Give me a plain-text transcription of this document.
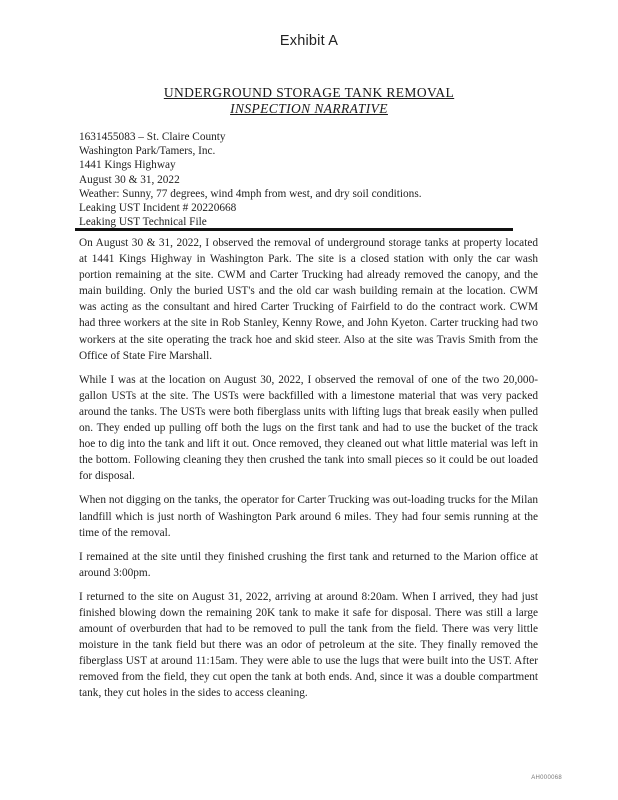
Exhibit A
UNDERGROUND STORAGE TANK REMOVAL
INSPECTION NARRATIVE
1631455083 – St. Claire County
Washington Park/Tamers, Inc.
1441 Kings Highway
August 30 & 31, 2022
Weather: Sunny, 77 degrees, wind 4mph from west, and dry soil conditions.
Leaking UST Incident # 20220668
Leaking UST Technical File

On August 30 & 31, 2022, I observed the removal of underground storage tanks at property located at 1441 Kings Highway in Washington Park. The site is a closed station with only the car wash portion remaining at the site. CWM and Carter Trucking had already removed the canopy, and the main building. Only the buried UST's and the old car wash building remain at the location. CWM was acting as the consultant and hired Carter Trucking of Fairfield to do the contract work. CWM had three workers at the site in Rob Stanley, Kenny Rowe, and John Kyeton. Carter trucking had two workers at the site operating the track hoe and skid steer. Also at the site was Travis Smith from the Office of State Fire Marshall.

While I was at the location on August 30, 2022, I observed the removal of one of the two 20,000-gallon USTs at the site. The USTs were backfilled with a limestone material that was very packed around the tanks. The USTs were both fiberglass units with lifting lugs that break easily when pulled on. They ended up pulling off both the lugs on the first tank and had to use the bucket of the track hoe to dig into the tank and lift it out. Once removed, they cleaned out what little material was left in the bottom. Following cleaning they then crushed the tank into small pieces so it could be out loaded for disposal.

When not digging on the tanks, the operator for Carter Trucking was out-loading trucks for the Milan landfill which is just north of Washington Park around 6 miles. They had four semis running at the time of the removal.

I remained at the site until they finished crushing the first tank and returned to the Marion office at around 3:00pm.

I returned to the site on August 31, 2022, arriving at around 8:20am. When I arrived, they had just finished blowing down the remaining 20K tank to make it safe for disposal. There was still a large amount of overburden that had to be removed to pull the tank from the field. There was very little moisture in the tank field but there was an odor of petroleum at the site. They finally removed the fiberglass UST at around 11:15am. They were able to use the lugs that were built into the UST. After removed from the field, they cut open the tank at both ends. And, since it was a double compartment tank, they cut holes in the sides to access cleaning.

AH000068
